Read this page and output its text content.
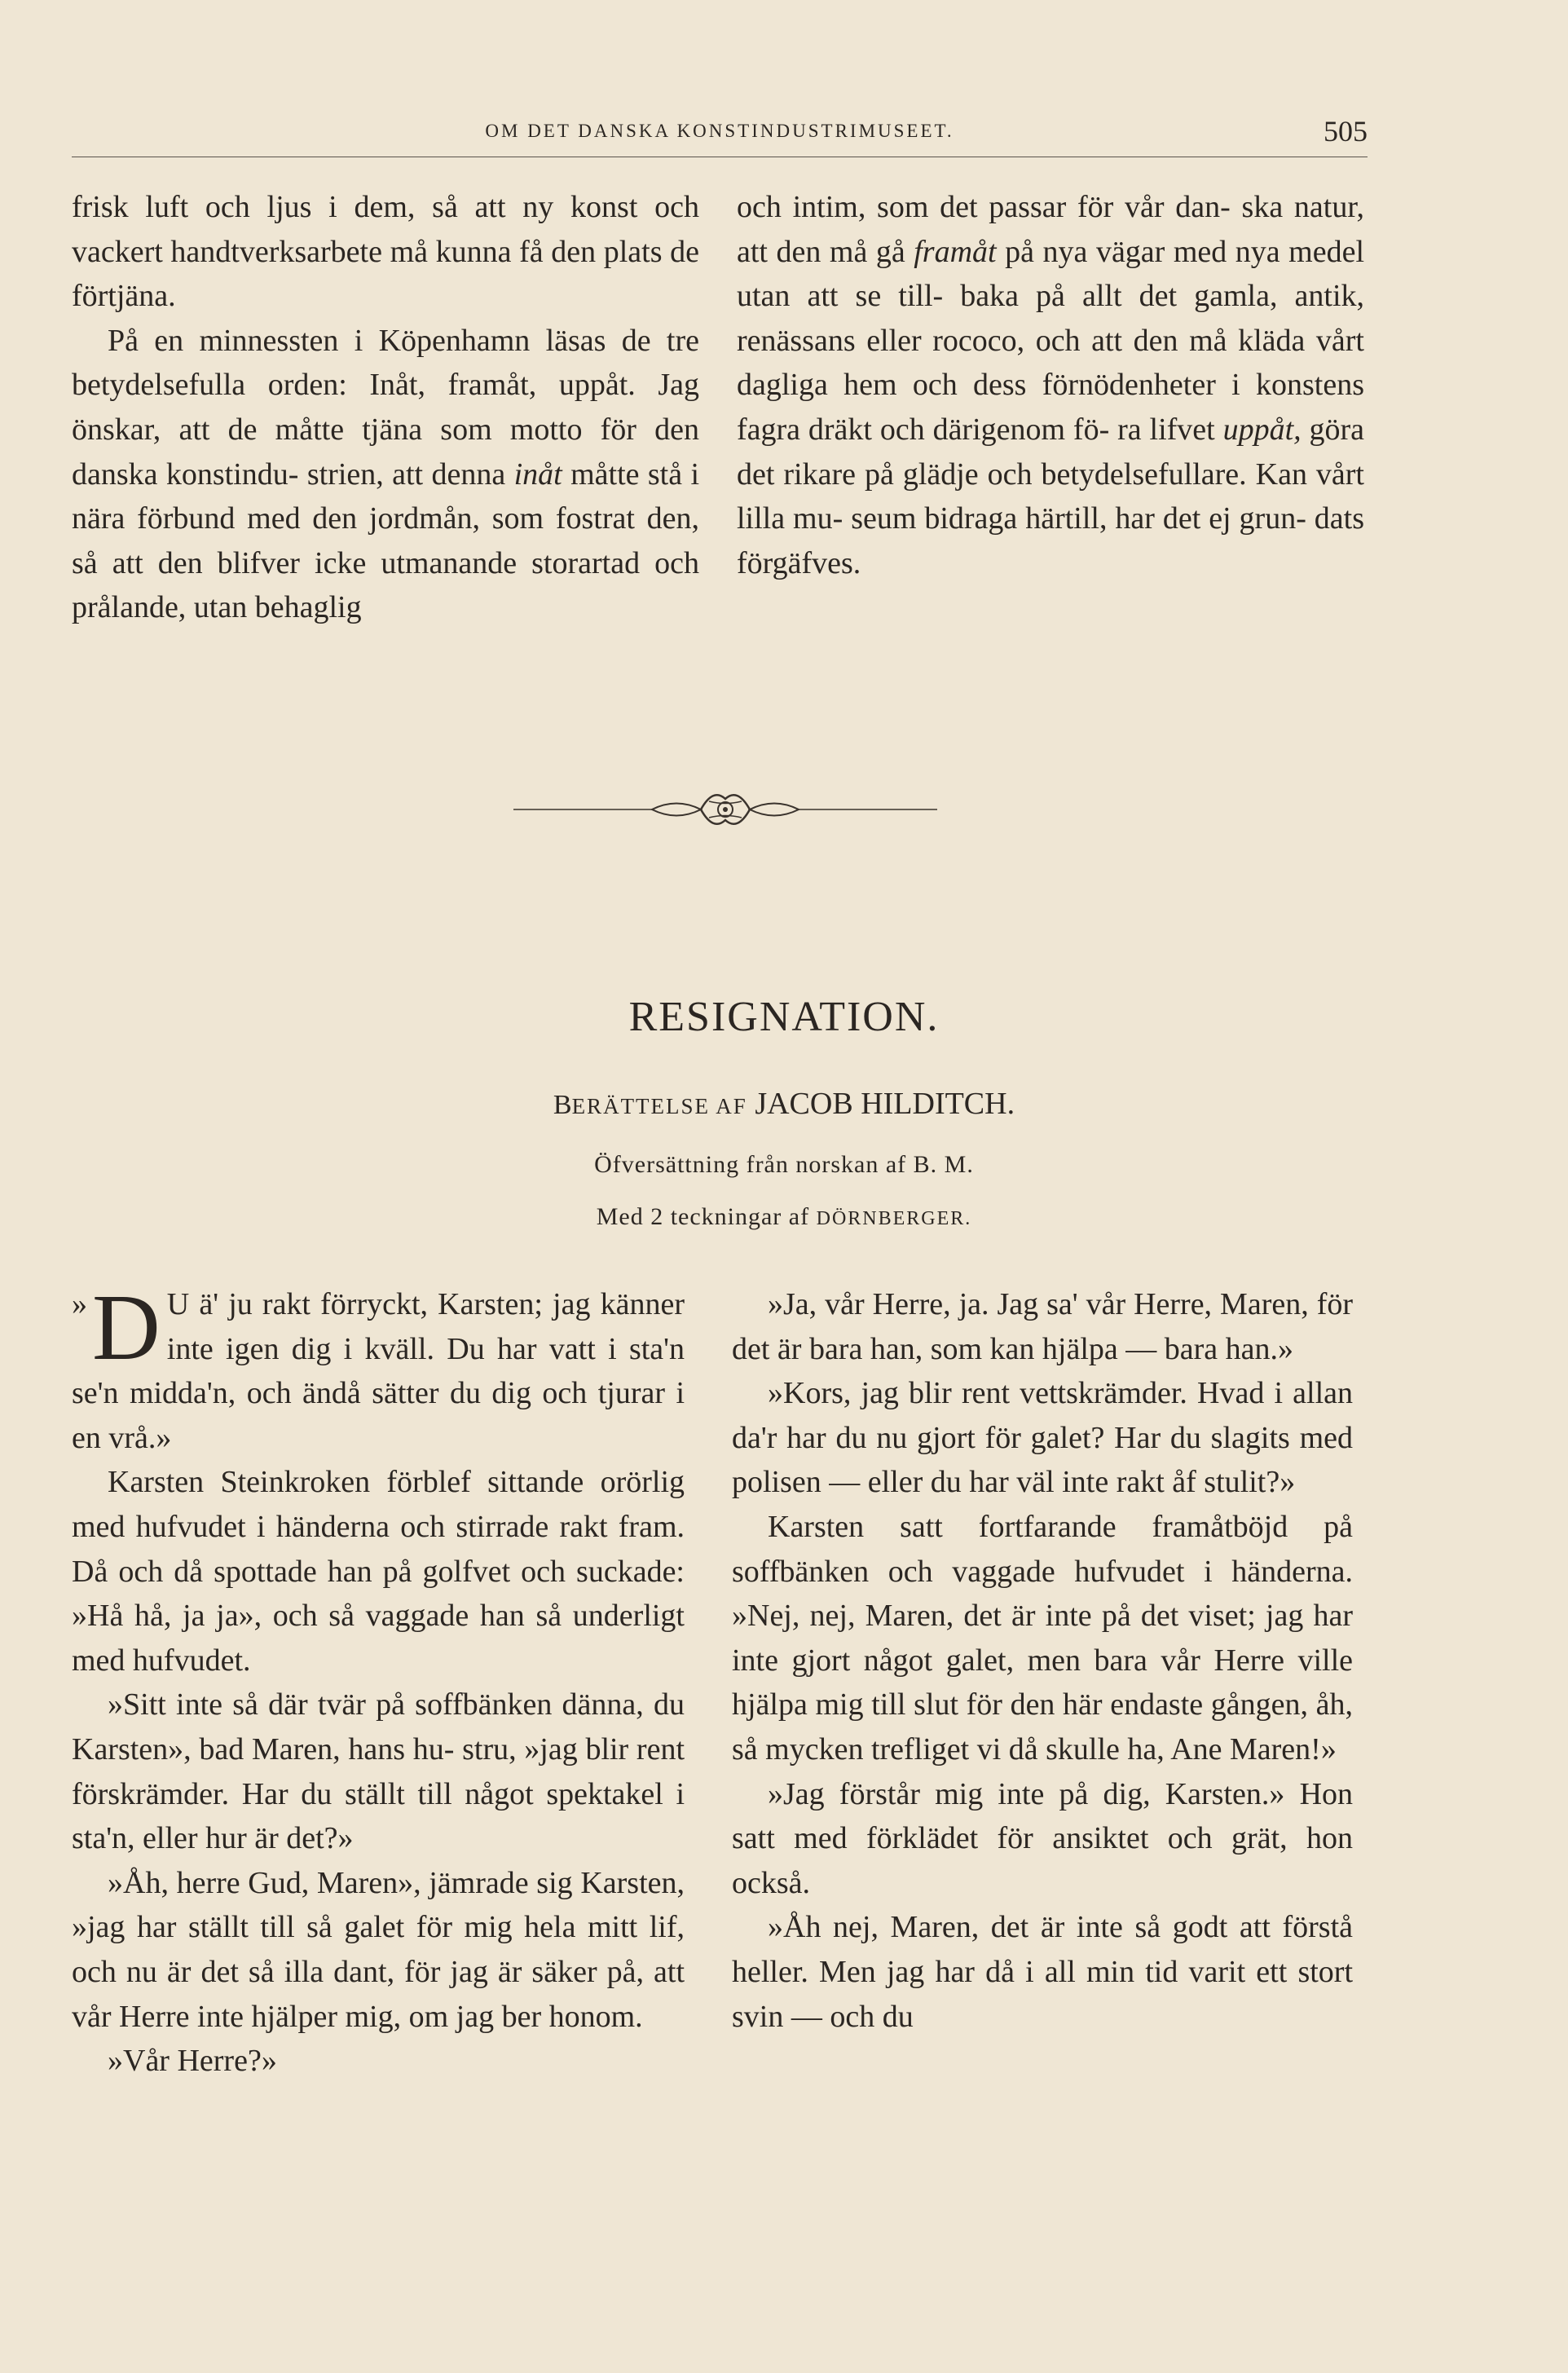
OM DET DANSKA KONSTINDUSTRIMUSEET.	505

frisk luft och ljus i dem, så att ny konst och vackert handtverksarbete må kunna få den plats de förtjäna.

På en minnessten i Köpenhamn läsas de tre betydelsefulla orden: Inåt, framåt, uppåt. Jag önskar, att de måtte tjäna som motto för den danska konstindu- strien, att denna inåt måtte stå i nära förbund med den jordmån, som fostrat den, så att den blifver icke utmanande storartad och prålande, utan behaglig

och intim, som det passar för vår dan- ska natur, att den må gå framåt på nya vägar med nya medel utan att se till- baka på allt det gamla, antik, renässans eller rococo, och att den må kläda vårt dagliga hem och dess förnödenheter i konstens fagra dräkt och därigenom fö- ra lifvet uppåt, göra det rikare på glädje och betydelsefullare. Kan vårt lilla mu- seum bidraga härtill, har det ej grun- dats förgäfves.

RESIGNATION.
BERÄTTELSE AF JACOB HILDITCH.
Öfversättning från norskan af B. M.
Med 2 teckningar af DÖRNBERGER.

» D U ä' ju rakt förryckt, Karsten; jag känner inte igen dig i kväll. Du har vatt i sta'n se'n midda'n, och ändå sätter du dig och tjurar i en vrå.»

Karsten Steinkroken förblef sittande orörlig med hufvudet i händerna och stirrade rakt fram. Då och då spottade han på golfvet och suckade: »Hå hå, ja ja», och så vaggade han så underligt med hufvudet.

»Sitt inte så där tvär på soffbänken dänna, du Karsten», bad Maren, hans hu- stru, »jag blir rent förskrämder. Har du ställt till något spektakel i sta'n, eller hur är det?»

»Åh, herre Gud, Maren», jämrade sig Karsten, »jag har ställt till så galet för mig hela mitt lif, och nu är det så illa dant, för jag är säker på, att vår Herre inte hjälper mig, om jag ber honom.

»Vår Herre?»

»Ja, vår Herre, ja. Jag sa' vår Herre, Maren, för det är bara han, som kan hjälpa — bara han.»

»Kors, jag blir rent vettskrämder. Hvad i allan da'r har du nu gjort för galet? Har du slagits med polisen — eller du har väl inte rakt åf stulit?»

Karsten satt fortfarande framåtböjd på soffbänken och vaggade hufvudet i händerna. »Nej, nej, Maren, det är inte på det viset; jag har inte gjort något galet, men bara vår Herre ville hjälpa mig till slut för den här endaste gången, åh, så mycken trefliget vi då skulle ha, Ane Maren!»

»Jag förstår mig inte på dig, Karsten.» Hon satt med förklädet för ansiktet och grät, hon också.

»Åh nej, Maren, det är inte så godt att förstå heller. Men jag har då i all min tid varit ett stort svin — och du
